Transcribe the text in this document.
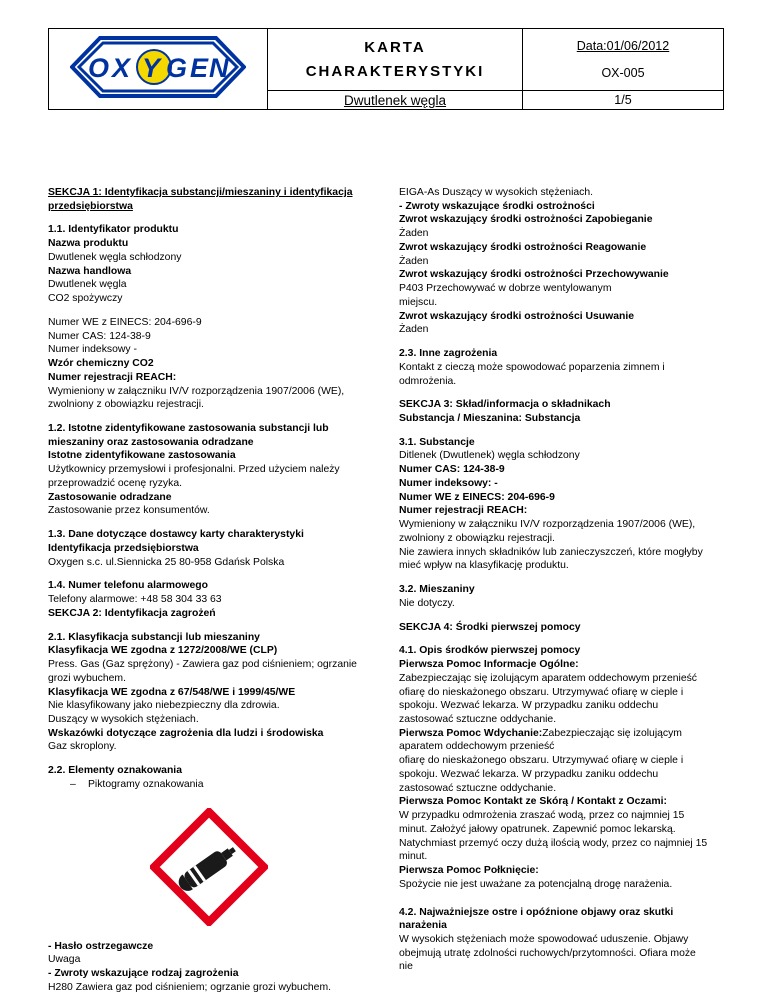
O X Y G E N

KARTA
CHARAKTERYSTYKI

Data:01/06/2012
OX-005

	Dwutlenek węgla	1/5

SEKCJA 1: Identyfikacja substancji/mieszaniny i identyfikacja

przedsiębiorstwa

1.1. Identyfikator produktu

Nazwa produktu

Dwutlenek węgla schłodzony

Nazwa handlowa

Dwutlenek węgla

CO2 spożywczy

Numer WE z EINECS: 204-696-9

Numer CAS: 124-38-9

Numer indeksowy -

Wzór chemiczny CO2

Numer rejestracji REACH:

Wymieniony w załączniku IV/V rozporządzenia 1907/2006 (WE),

zwolniony z obowiązku rejestracji.

1.2. Istotne zidentyfikowane zastosowania substancji lub

mieszaniny oraz zastosowania odradzane

Istotne zidentyfikowane zastosowania

Użytkownicy przemysłowi i profesjonalni. Przed użyciem należy

przeprowadzić ocenę ryzyka.

Zastosowanie odradzane

Zastosowanie przez konsumentów.

1.3. Dane dotyczące dostawcy karty charakterystyki

Identyfikacja przedsiębiorstwa

Oxygen s.c. ul.Siennicka 25 80-958 Gdańsk Polska

1.4. Numer telefonu alarmowego

Telefony alarmowe: +48 58 304 33 63

SEKCJA 2: Identyfikacja zagrożeń

2.1. Klasyfikacja substancji lub mieszaniny

Klasyfikacja WE zgodna z 1272/2008/WE (CLP)

Press. Gas (Gaz sprężony) - Zawiera gaz pod ciśnieniem; ogrzanie

grozi wybuchem.

Klasyfikacja WE zgodna z 67/548/WE i 1999/45/WE

Nie klasyfikowany jako niebezpieczny dla zdrowia.

Duszący w wysokich stężeniach.

Wskazówki dotyczące zagrożenia dla ludzi i środowiska

Gaz skroplony.

2.2. Elementy oznakowania

–	Piktogramy oznakowania

- Hasło ostrzegawcze

Uwaga

- Zwroty wskazujące rodzaj zagrożenia

H280 Zawiera gaz pod ciśnieniem; ogrzanie grozi wybuchem.

EIGA-As Duszący w wysokich stężeniach.

- Zwroty wskazujące środki ostrożności

Zwrot wskazujący środki ostrożności Zapobieganie

Żaden

Zwrot wskazujący środki ostrożności Reagowanie

Żaden

Zwrot wskazujący środki ostrożności Przechowywanie

P403 Przechowywać w dobrze wentylowanym

miejscu.

Zwrot wskazujący środki ostrożności Usuwanie

Żaden

2.3. Inne zagrożenia

Kontakt z cieczą może spowodować poparzenia zimnem i

odmrożenia.

SEKCJA 3: Skład/informacja o składnikach

Substancja / Mieszanina: Substancja

3.1. Substancje

Ditlenek (Dwutlenek) węgla schłodzony

Numer CAS: 124-38-9

Numer indeksowy: -

Numer WE z EINECS: 204-696-9

Numer rejestracji REACH:

Wymieniony w załączniku IV/V rozporządzenia 1907/2006 (WE),

zwolniony z obowiązku rejestracji.

Nie zawiera innych składników lub zanieczyszczeń, które mogłyby

mieć wpływ na klasyfikację produktu.

3.2. Mieszaniny

Nie dotyczy.

SEKCJA 4: Środki pierwszej pomocy

4.1. Opis środków pierwszej pomocy

Pierwsza Pomoc Informacje Ogólne:

Zabezpieczając się izolującym aparatem oddechowym przenieść

ofiarę do nieskażonego obszaru. Utrzymywać ofiarę w cieple i

spokoju. Wezwać lekarza. W przypadku zaniku oddechu

zastosować sztuczne oddychanie.

Pierwsza Pomoc Wdychanie:Zabezpieczając się izolującym

aparatem oddechowym przenieść

ofiarę do nieskażonego obszaru. Utrzymywać ofiarę w cieple i

spokoju. Wezwać lekarza. W przypadku zaniku oddechu

zastosować sztuczne oddychanie.

Pierwsza Pomoc Kontakt ze Skórą / Kontakt z Oczami:

W przypadku odmrożenia zraszać wodą, przez co najmniej 15

minut. Założyć jałowy opatrunek. Zapewnić pomoc lekarską.

Natychmiast przemyć oczy dużą ilością wody, przez co najmniej 15

minut.

Pierwsza Pomoc Połknięcie:

Spożycie nie jest uważane za potencjalną drogę narażenia.

4.2. Najważniejsze ostre i opóźnione objawy oraz skutki

narażenia

W wysokich stężeniach może spowodować uduszenie. Objawy

obejmują utratę zdolności ruchowych/przytomności. Ofiara może

nie
